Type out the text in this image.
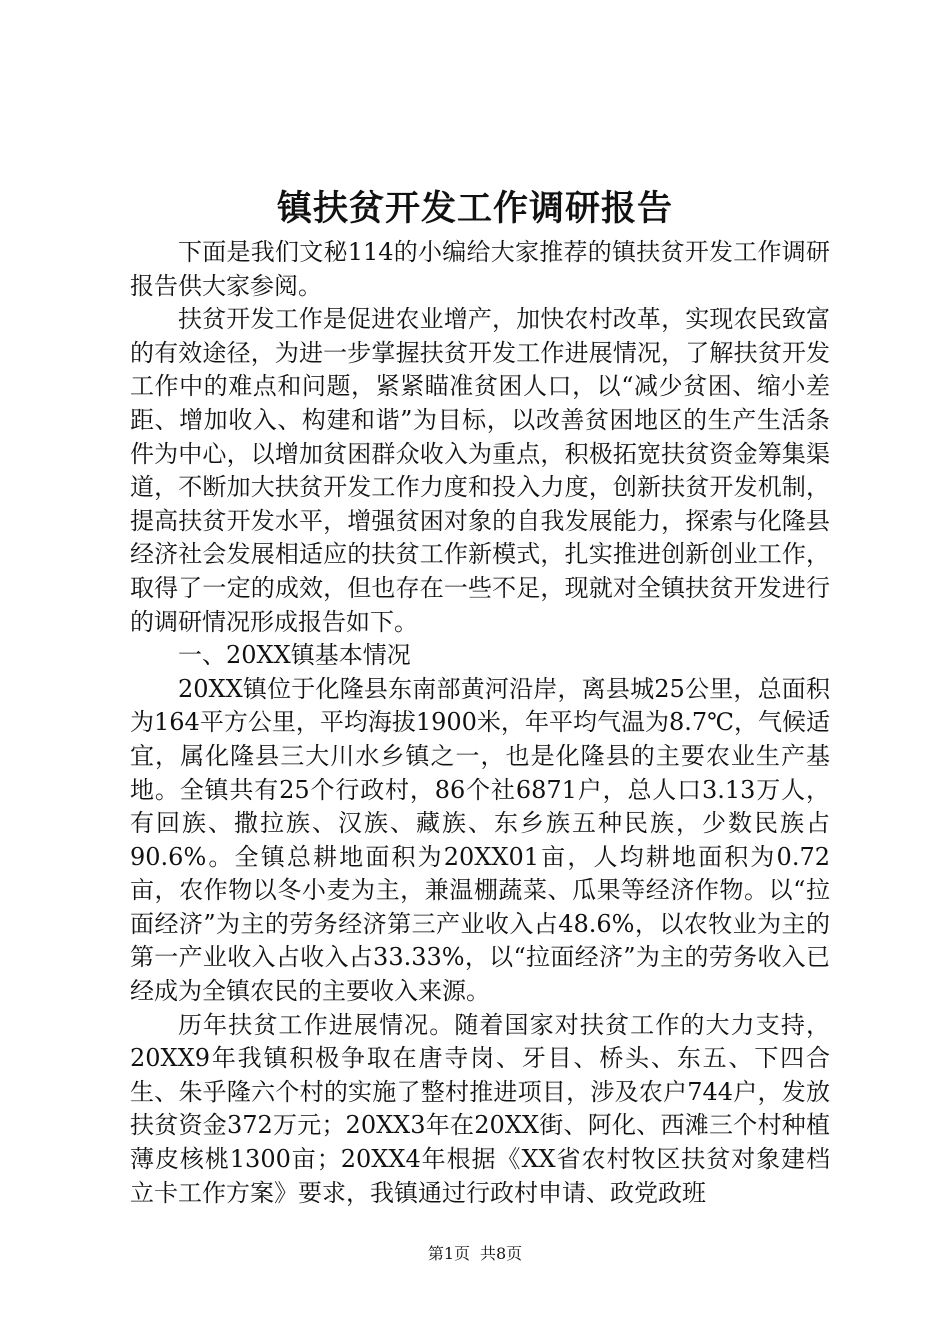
镇扶贫开发工作调研报告

下面是我们文秘114的小编给大家推荐的镇扶贫开发工作调研报告供大家参阅。

扶贫开发工作是促进农业增产，加快农村改革，实现农民致富的有效途径，为进一步掌握扶贫开发工作进展情况，了解扶贫开发工作中的难点和问题，紧紧瞄准贫困人口，以“减少贫困、缩小差距、增加收入、构建和谐”为目标，以改善贫困地区的生产生活条件为中心，以增加贫困群众收入为重点，积极拓宽扶贫资金筹集渠道，不断加大扶贫开发工作力度和投入力度，创新扶贫开发机制，提高扶贫开发水平，增强贫困对象的自我发展能力，探索与化隆县经济社会发展相适应的扶贫工作新模式，扎实推进创新创业工作，取得了一定的成效，但也存在一些不足，现就对全镇扶贫开发进行的调研情况形成报告如下。

一、20XX镇基本情况

20XX镇位于化隆县东南部黄河沿岸，离县城25公里，总面积为164平方公里，平均海拔1900米，年平均气温为8.7℃，气候适宜，属化隆县三大川水乡镇之一，也是化隆县的主要农业生产基地。全镇共有25个行政村，86个社6871户，总人口3.13万人，有回族、撒拉族、汉族、藏族、东乡族五种民族，少数民族占90.6%。全镇总耕地面积为20XX01亩，人均耕地面积为0.72亩，农作物以冬小麦为主，兼温棚蔬菜、瓜果等经济作物。以“拉面经济”为主的劳务经济第三产业收入占48.6%，以农牧业为主的第一产业收入占收入占33.33%，以“拉面经济”为主的劳务收入已经成为全镇农民的主要收入来源。

历年扶贫工作进展情况。随着国家对扶贫工作的大力支持，20XX9年我镇积极争取在唐寺岗、牙目、桥头、东五、下四合生、朱乎隆六个村的实施了整村推进项目，涉及农户744户，发放扶贫资金372万元；20XX3年在20XX街、阿化、西滩三个村种植薄皮核桃1300亩；20XX4年根据《XX省农村牧区扶贫对象建档立卡工作方案》要求，我镇通过行政村申请、政党政班

第1页 共8页
